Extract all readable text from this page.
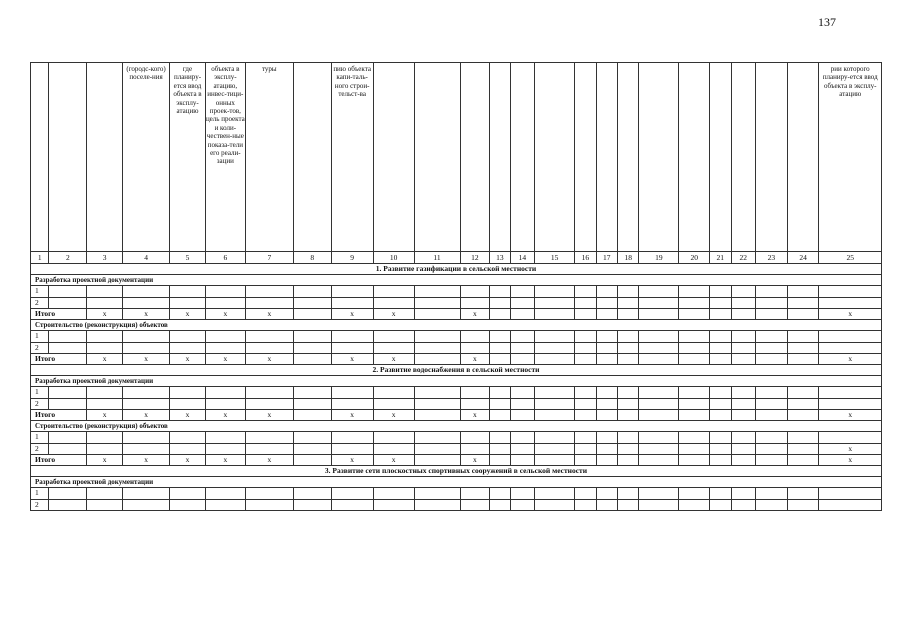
137

			(городс-кого) поселе-ния	где планиру-ется ввод объекта в эксплу-атацию	объекта в эксплу-атацию, инвес-тици-онных проек-тов, цель проекта и коли-чествен-ные показа-тели его реали-зации	туры		пию объекта капи-таль-ного строи-тельст-ва																рии которого планиру-ется ввод объекта в эксплу-атацию

1	2	3	4	5	6	7	8	9	10	11	12	13	14	15	16	17	18	19	20	21	22	23	24	25
1. Развитие газификации в сельской местности																								
Разработка проектной документации																								
1																								
2																								
Итого		x	x	x	x	x		x	x		x													x
Строительство (реконструкция) объектов																								
1																								
2																								
Итого		x	x	x	x	x		x	x		x													x
2. Развитие водоснабжения в сельской местности																								
Разработка проектной документации																								
1																								
2																								
Итого		x	x	x	x	x		x	x		x													x
Строительство (реконструкция) объектов																								
1																								
2																								x
Итого		x	x	x	x	x		x	x		x													x
3. Развитие сети плоскостных спортивных сооружений в сельской местности																								
Разработка проектной документации																								
1																								
2																								
